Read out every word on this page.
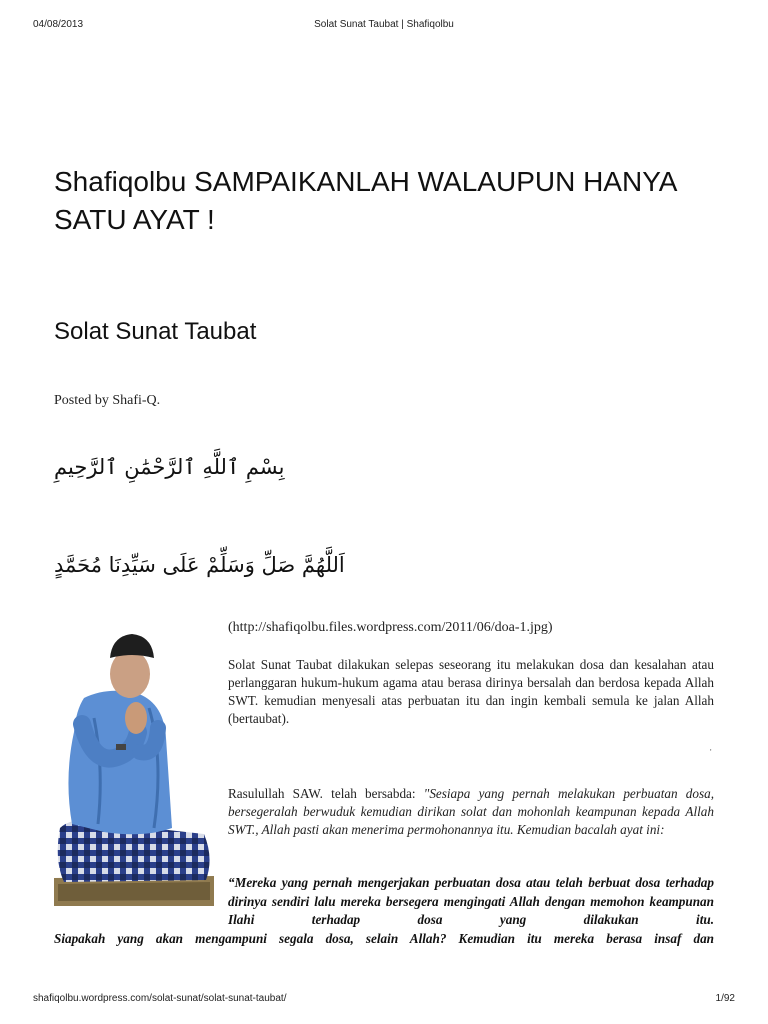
04/08/2013	Solat Sunat Taubat | Shafiqolbu
Shafiqolbu SAMPAIKANLAH WALAUPUN HANYA SATU AYAT !
Solat Sunat Taubat
Posted by Shafi-Q.
بِسْمِ ٱللَّهِ ٱلرَّحْمَٰنِ ٱلرَّحِيمِ
اَللَّهُمَّ صَلِّ وَسَلِّمْ عَلَى سَيِّدِنَا مُحَمَّدٍ
(http://shafiqolbu.files.wordpress.com/2011/06/doa-1.jpg)

Solat Sunat Taubat dilakukan selepas seseorang itu melakukan dosa dan kesalahan atau perlanggaran hukum-hukum agama atau berasa dirinya bersalah dan berdosa kepada Allah SWT. kemudian menyesali atas perbuatan itu dan ingin kembali semula ke jalan Allah (bertaubat).

'

Rasulullah SAW. telah bersabda: "Sesiapa yang pernah melakukan perbuatan dosa, bersegeralah berwuduk kemudian dirikan solat dan mohonlah keampunan kepada Allah SWT., Allah pasti akan menerima permohonannya itu. Kemudian bacalah ayat ini:

“Mereka yang pernah mengerjakan perbuatan dosa atau telah berbuat dosa terhadap dirinya sendiri lalu mereka bersegera mengingati Allah dengan memohon keampunan Ilahi terhadap dosa yang dilakukan itu.
Siapakah yang akan mengampuni segala dosa, selain Allah? Kemudian itu mereka berasa insaf dan

shafiqolbu.wordpress.com/solat-sunat/solat-sunat-taubat/	1/92
